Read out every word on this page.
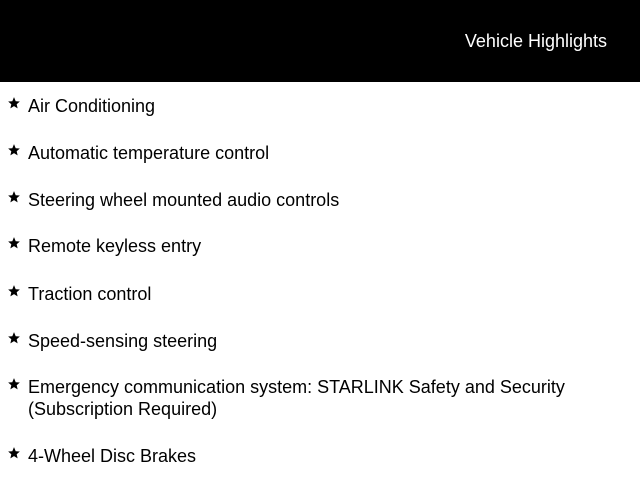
Vehicle Highlights
Air Conditioning
Automatic temperature control
Steering wheel mounted audio controls
Remote keyless entry
Traction control
Speed-sensing steering
Emergency communication system: STARLINK Safety and Security (Subscription Required)
4-Wheel Disc Brakes
